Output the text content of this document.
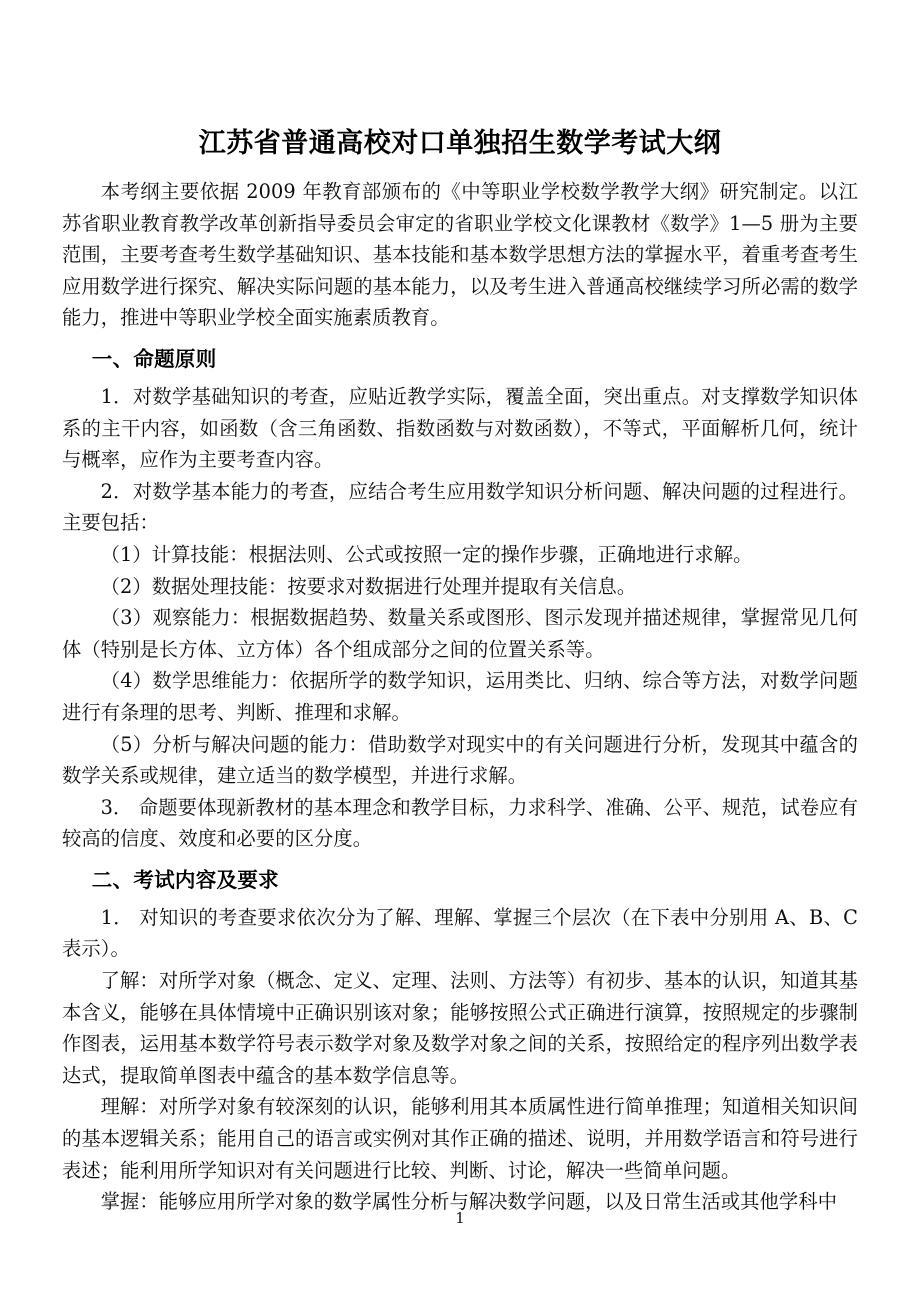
江苏省普通高校对口单独招生数学考试大纲

本考纲主要依据 2009 年教育部颁布的《中等职业学校数学教学大纲》研究制定。以江苏省职业教育教学改革创新指导委员会审定的省职业学校文化课教材《数学》1—5 册为主要范围，主要考查考生数学基础知识、基本技能和基本数学思想方法的掌握水平，着重考查考生应用数学进行探究、解决实际问题的基本能力，以及考生进入普通高校继续学习所必需的数学能力，推进中等职业学校全面实施素质教育。

一、命题原则

1．对数学基础知识的考查，应贴近教学实际，覆盖全面，突出重点。对支撑数学知识体系的主干内容，如函数（含三角函数、指数函数与对数函数），不等式，平面解析几何，统计与概率，应作为主要考查内容。

2．对数学基本能力的考查，应结合考生应用数学知识分析问题、解决问题的过程进行。主要包括：

（1）计算技能：根据法则、公式或按照一定的操作步骤，正确地进行求解。

（2）数据处理技能：按要求对数据进行处理并提取有关信息。

（3）观察能力：根据数据趋势、数量关系或图形、图示发现并描述规律，掌握常见几何体（特别是长方体、立方体）各个组成部分之间的位置关系等。

（4）数学思维能力：依据所学的数学知识，运用类比、归纳、综合等方法，对数学问题进行有条理的思考、判断、推理和求解。

（5）分析与解决问题的能力：借助数学对现实中的有关问题进行分析，发现其中蕴含的数学关系或规律，建立适当的数学模型，并进行求解。

3． 命题要体现新教材的基本理念和教学目标，力求科学、准确、公平、规范，试卷应有较高的信度、效度和必要的区分度。

二、考试内容及要求

1． 对知识的考查要求依次分为了解、理解、掌握三个层次（在下表中分别用 A、B、C 表示）。

了解：对所学对象（概念、定义、定理、法则、方法等）有初步、基本的认识，知道其基本含义，能够在具体情境中正确识别该对象；能够按照公式正确进行演算，按照规定的步骤制作图表，运用基本数学符号表示数学对象及数学对象之间的关系，按照给定的程序列出数学表达式，提取简单图表中蕴含的基本数学信息等。

理解：对所学对象有较深刻的认识，能够利用其本质属性进行简单推理；知道相关知识间的基本逻辑关系；能用自己的语言或实例对其作正确的描述、说明，并用数学语言和符号进行表述；能利用所学知识对有关问题进行比较、判断、讨论，解决一些简单问题。

掌握：能够应用所学对象的数学属性分析与解决数学问题，以及日常生活或其他学科中

1
